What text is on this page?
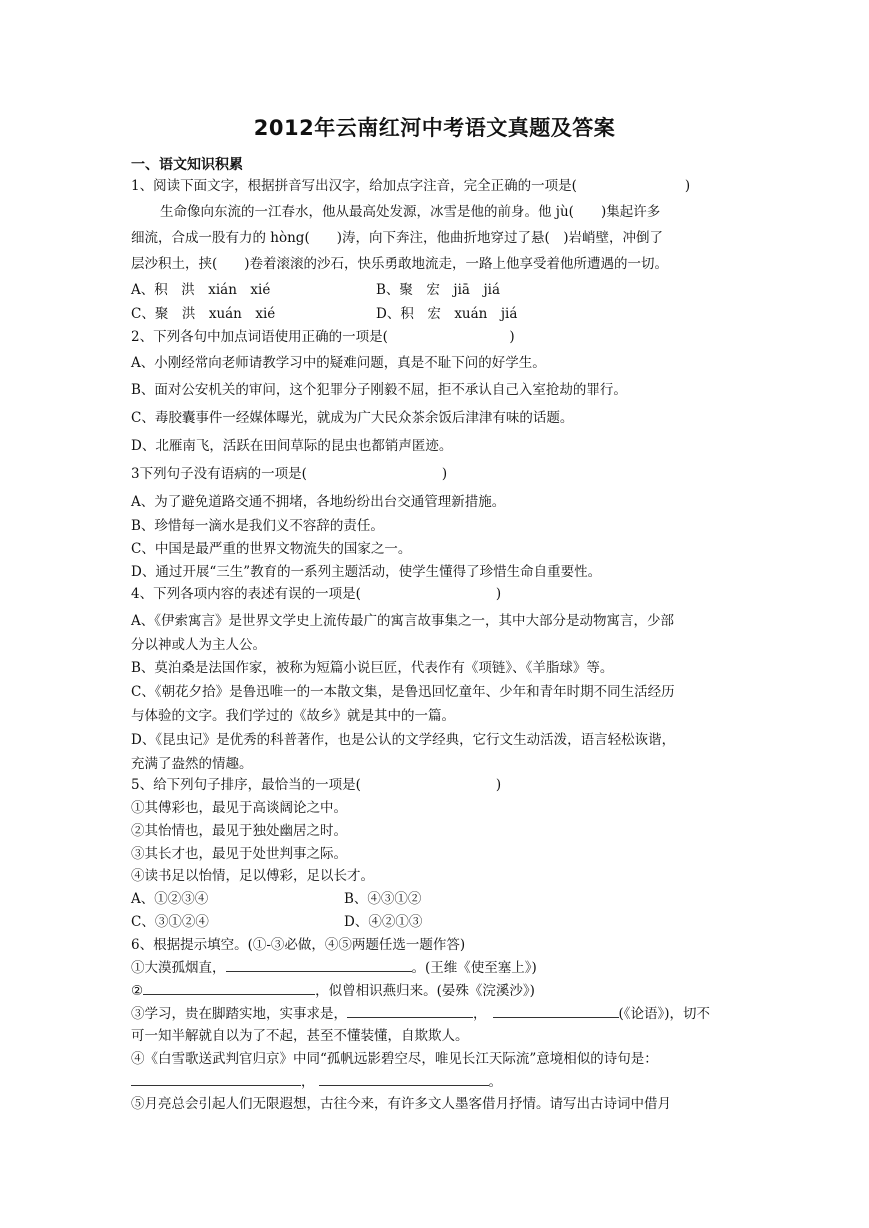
2012年云南红河中考语文真题及答案
一、语文知识积累
1、阅读下面文字，根据拼音写出汉字，给加点字注音，完全正确的一项是(　　　　　　　　)
生命像向东流的一江春水，他从最高处发源，冰雪是他的前身。他 jù(　　)集起许多
细流，合成一股有力的 hòng(　　)涛，向下奔注，他曲折地穿过了悬(　)岩峭壁，冲倒了
层沙积土，挟(　　)卷着滚滚的沙石，快乐勇敢地流走，一路上他享受着他所遭遇的一切。
A、积　洪　xián　xié	B、聚　宏　jiā　jiá
C、聚　洪　xuán　xié	D、积　宏　xuán　jiá
2、下列各句中加点词语使用正确的一项是(　　　　　　　　　)
A、小刚经常向老师请教学习中的疑难问题，真是不耻下问的好学生。
B、面对公安机关的审问，这个犯罪分子刚毅不屈，拒不承认自己入室抢劫的罪行。
C、毒胶囊事件一经媒体曝光，就成为广大民众茶余饭后津津有味的话题。
D、北雁南飞，活跃在田间草际的昆虫也都销声匿迹。
3下列句子没有语病的一项是(　　　　　　　　　　)
A、为了避免道路交通不拥堵，各地纷纷出台交通管理新措施。
B、珍惜每一滴水是我们义不容辞的责任。
C、中国是最严重的世界文物流失的国家之一。
D、通过开展“三生”教育的一系列主题活动，使学生懂得了珍惜生命自重要性。
4、下列各项内容的表述有误的一项是(　　　　　　　　　　)
A、《伊索寓言》是世界文学史上流传最广的寓言故事集之一，其中大部分是动物寓言，少部
分以神或人为主人公。
B、莫泊桑是法国作家，被称为短篇小说巨匠，代表作有《项链》、《羊脂球》等。
C、《朝花夕拾》是鲁迅唯一的一本散文集，是鲁迅回忆童年、少年和青年时期不同生活经历
与体验的文字。我们学过的《故乡》就是其中的一篇。
D、《昆虫记》是优秀的科普著作，也是公认的文学经典，它行文生动活泼，语言轻松诙谐，
充满了盎然的情趣。
5、给下列句子排序，最恰当的一项是(　　　　　　　　　　)
①其傅彩也，最见于高谈阔论之中。
②其怡情也，最见于独处幽居之时。
③其长才也，最见于处世判事之际。
④读书足以怡情，足以傅彩，足以长才。
A、①②③④	B、④③①②
C、③①②④	D、④②①③
6、根据提示填空。(①-③必做，④⑤两题任选一题作答)
①大漠孤烟直，	。(王维《使至塞上》)
②	，似曾相识燕归来。(晏殊《浣溪沙》)
③学习，贵在脚踏实地，实事求是，	，	(《论语》)，切不
可一知半解就自以为了不起，甚至不懂装懂，自欺欺人。
④《白雪歌送武判官归京》中同“孤帆远影碧空尽，唯见长江天际流”意境相似的诗句是：
，	。
⑤月亮总会引起人们无限遐想，古往今来，有许多文人墨客借月抒情。请写出古诗词中借月
